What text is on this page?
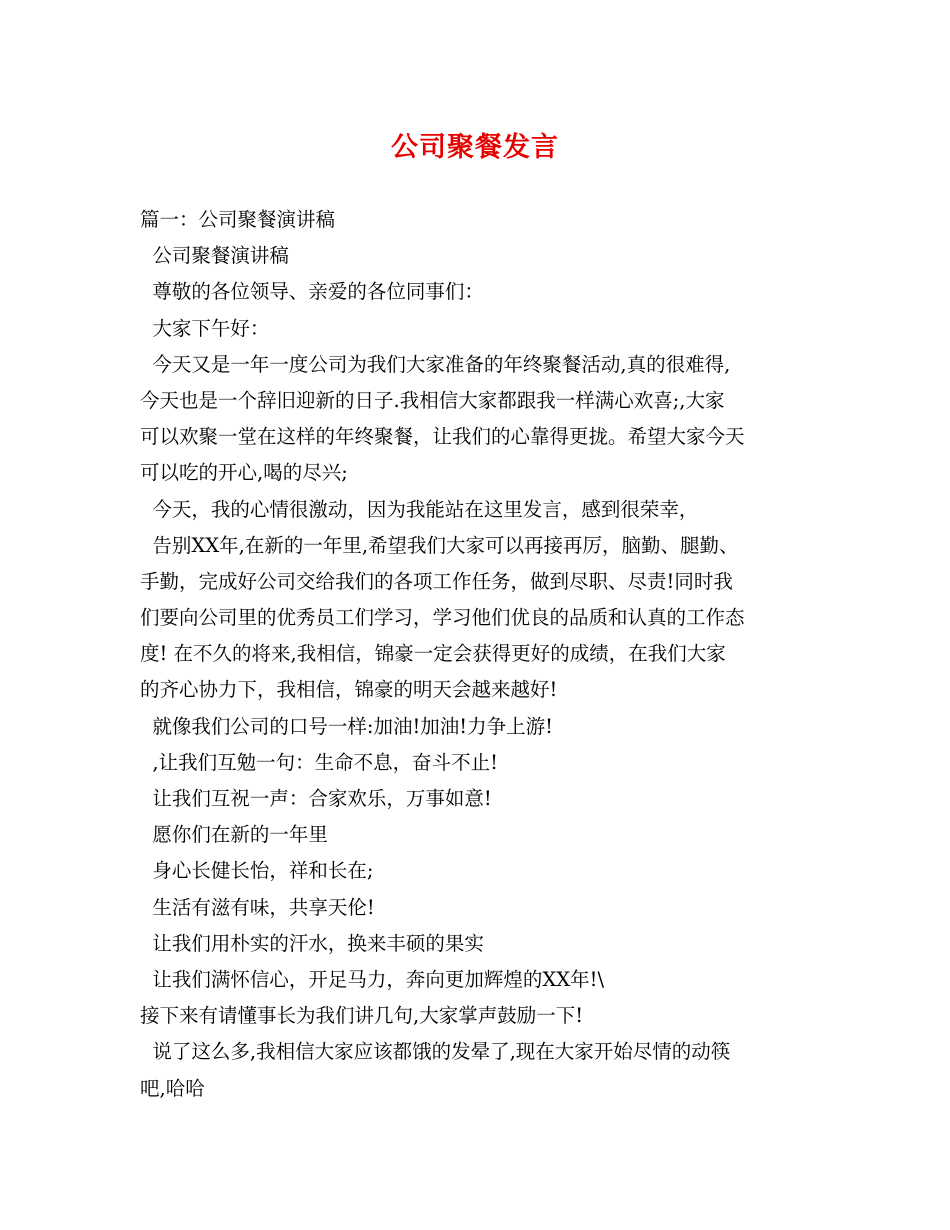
公司聚餐发言
篇一：公司聚餐演讲稿
公司聚餐演讲稿
尊敬的各位领导、亲爱的各位同事们：
大家下午好：
今天又是一年一度公司为我们大家准备的年终聚餐活动,真的很难得,
今天也是一个辞旧迎新的日子.我相信大家都跟我一样满心欢喜;,大家
可以欢聚一堂在这样的年终聚餐，让我们的心靠得更拢。希望大家今天
可以吃的开心,喝的尽兴;
今天，我的心情很激动，因为我能站在这里发言，感到很荣幸，
告别XX年,在新的一年里,希望我们大家可以再接再厉，脑勤、腿勤、
手勤，完成好公司交给我们的各项工作任务，做到尽职、尽责!同时我
们要向公司里的优秀员工们学习，学习他们优良的品质和认真的工作态
度! 在不久的将来,我相信，锦豪一定会获得更好的成绩，在我们大家
的齐心协力下，我相信，锦豪的明天会越来越好!
就像我们公司的口号一样:加油!加油!力争上游!
,让我们互勉一句：生命不息，奋斗不止!
让我们互祝一声：合家欢乐，万事如意!
愿你们在新的一年里
身心长健长怡，祥和长在;
生活有滋有味，共享天伦!
让我们用朴实的汗水，换来丰硕的果实
让我们满怀信心，开足马力，奔向更加辉煌的XX年!\
接下来有请懂事长为我们讲几句,大家掌声鼓励一下!
说了这么多,我相信大家应该都饿的发晕了,现在大家开始尽情的动筷
吧,哈哈
